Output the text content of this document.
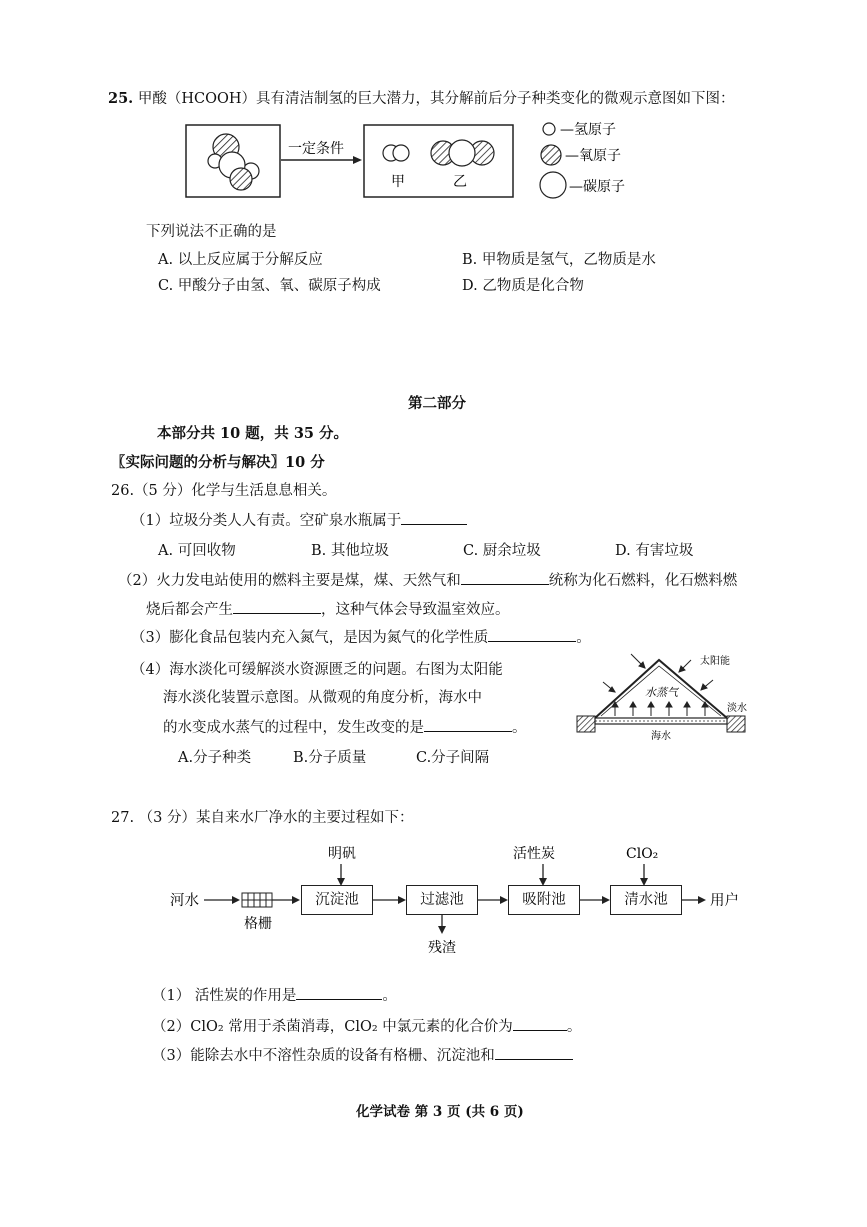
25. 甲酸（HCOOH）具有清洁制氢的巨大潜力，其分解前后分子种类变化的微观示意图如下图：
一定条件
甲	乙
—氢原子
—氧原子
—碳原子
下列说法不正确的是
A. 以上反应属于分解反应	B. 甲物质是氢气，乙物质是水
C. 甲酸分子由氢、氧、碳原子构成	D. 乙物质是化合物
第二部分
本部分共 10 题，共 35 分。
〖实际问题的分析与解决〗10 分
26.（5 分）化学与生活息息相关。
（1）垃圾分类人人有责。空矿泉水瓶属于
A. 可回收物	B. 其他垃圾	C. 厨余垃圾	D. 有害垃圾
（2）火力发电站使用的燃料主要是煤，煤、天然气和	统称为化石燃料，化石燃料燃
烧后都会产生	，这种气体会导致温室效应。
（3）膨化食品包装内充入氮气，是因为氮气的化学性质	。
（4）海水淡化可缓解淡水资源匮乏的问题。右图为太阳能
海水淡化装置示意图。从微观的角度分析，海水中
的水变成水蒸气的过程中，发生改变的是	。
A.分子种类	B.分子质量	C.分子间隔
太阳能
水蒸气
淡水
海水
27. （3 分）某自来水厂净水的主要过程如下：
河水
格栅
用户
明矾	活性炭	ClO₂
残渣
沉淀池	过滤池	吸附池	清水池
（1） 活性炭的作用是	。
（2）ClO₂ 常用于杀菌消毒，ClO₂ 中氯元素的化合价为	。
（3）能除去水中不溶性杂质的设备有格栅、沉淀池和
化学试卷 第 3 页 (共 6 页)
